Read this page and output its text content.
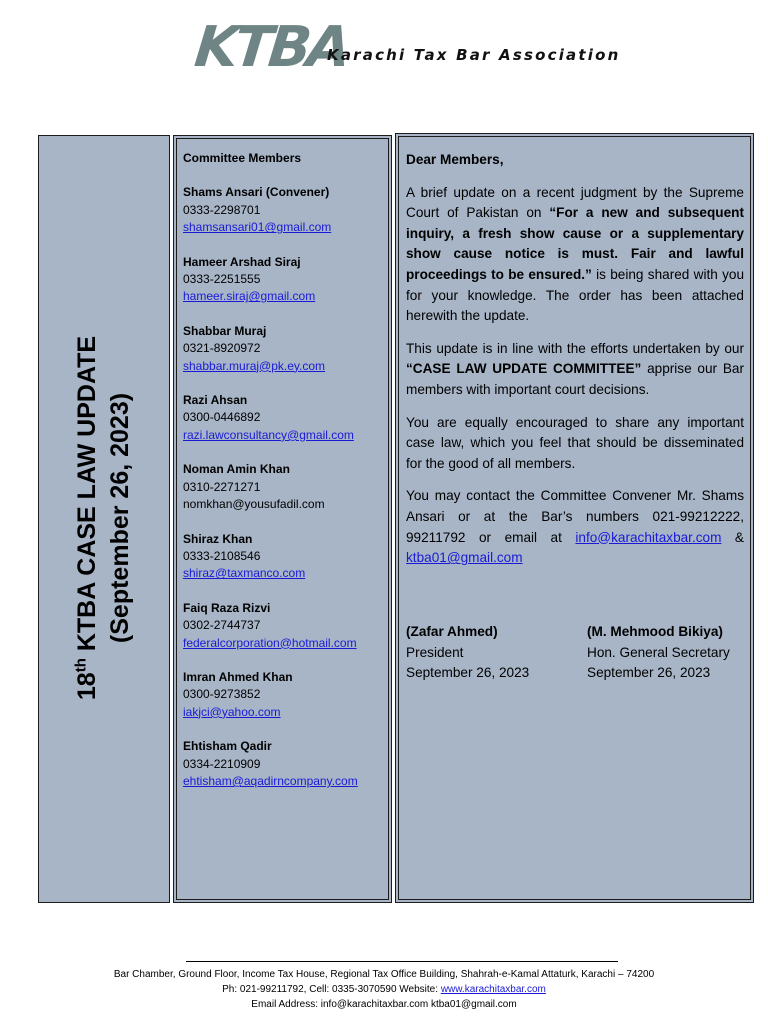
KTBA
Karachi Tax Bar Association
18th KTBA CASE LAW UPDATE (September 26, 2023)
Committee Members
Shams Ansari (Convener)
0333-2298701
shamsansari01@gmail.com
Hameer Arshad Siraj
0333-2251555
hameer.siraj@gmail.com
Shabbar Muraj
0321-8920972
shabbar.muraj@pk.ey.com
Razi Ahsan
0300-0446892
razi.lawconsultancy@gmail.com
Noman Amin Khan
0310-2271271
nomkhan@yousufadil.com
Shiraz Khan
0333-2108546
shiraz@taxmanco.com
Faiq Raza Rizvi
0302-2744737
federalcorporation@hotmail.com
Imran Ahmed Khan
0300-9273852
iakjci@yahoo.com
Ehtisham Qadir
0334-2210909
ehtisham@aqadirncompany.com

Dear Members,

A brief update on a recent judgment by the Supreme Court of Pakistan on “For a new and subsequent inquiry, a fresh show cause or a supplementary show cause notice is must. Fair and lawful proceedings to be ensured.” is being shared with you for your knowledge. The order has been attached herewith the update.

This update is in line with the efforts undertaken by our “CASE LAW UPDATE COMMITTEE” apprise our Bar members with important court decisions.

You are equally encouraged to share any important case law, which you feel that should be disseminated for the good of all members.

You may contact the Committee Convener Mr. Shams Ansari or at the Bar’s numbers 021-99212222, 99211792 or email at info@karachitaxbar.com & ktba01@gmail.com

(Zafar Ahmed)
President
September 26, 2023
(M. Mehmood Bikiya)
Hon. General Secretary
September 26, 2023
Bar Chamber, Ground Floor, Income Tax House, Regional Tax Office Building, Shahrah-e-Kamal Attaturk, Karachi – 74200
Ph: 021-99211792, Cell: 0335-3070590 Website: www.karachitaxbar.com
Email Address: info@karachitaxbar.com ktba01@gmail.com
